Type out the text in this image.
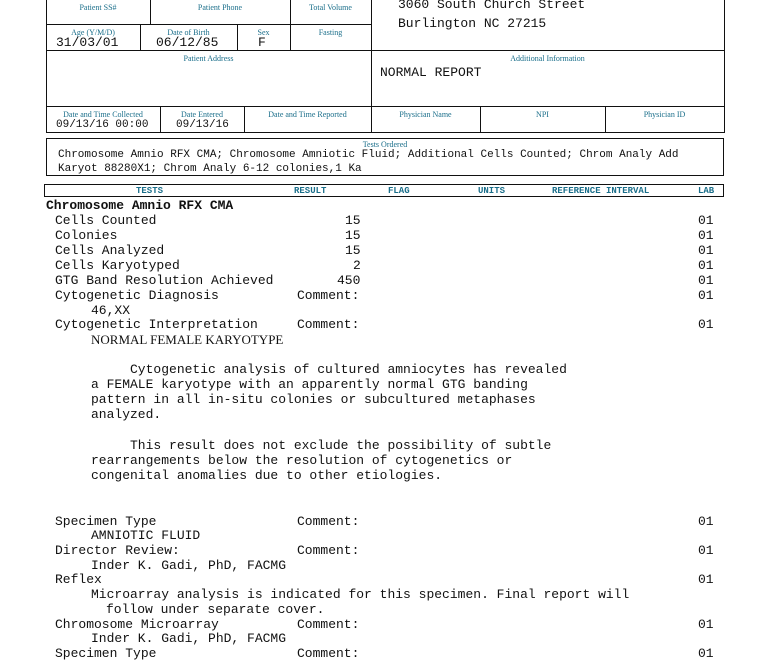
Patient SS#	Patient Phone	Total Volume	3060 South Church Street
Burlington NC 27215
Age (Y/M/D)
31/03/01
Date of Birth
06/12/85
Sex
F
Fasting
Patient Address	Additional Information
NORMAL REPORT
Date and Time Collected
09/13/16 00:00
Date Entered
09/13/16
Date and Time Reported	Physician Name	NPI	Physician ID
Tests Ordered
Chromosome Amnio RFX CMA; Chromosome Amniotic Fluid; Additional Cells Counted; Chrom Analy Add
Karyot 88280X1; Chrom Analy 6-12 colonies,1 Ka
TESTS	RESULT	FLAG	UNITS	REFERENCE INTERVAL	LAB
Chromosome Amnio RFX CMA
Cells Counted	15	01
Colonies	15	01
Cells Analyzed	15	01
Cells Karyotyped	2	01
GTG Band Resolution Achieved	450	01
Cytogenetic Diagnosis	Comment:	01
46,XX
Cytogenetic Interpretation	Comment:	01
NORMAL FEMALE KARYOTYPE
Cytogenetic analysis of cultured amniocytes has revealed
a FEMALE karyotype with an apparently normal GTG banding
pattern in all in-situ colonies or subcultured metaphases
analyzed.
This result does not exclude the possibility of subtle
rearrangements below the resolution of cytogenetics or
congenital anomalies due to other etiologies.
Specimen Type	Comment:	01
AMNIOTIC FLUID
Director Review:	Comment:	01
Inder K. Gadi, PhD, FACMG
Reflex	01
Microarray analysis is indicated for this specimen. Final report will
follow under separate cover.
Chromosome Microarray	Comment:	01
Inder K. Gadi, PhD, FACMG
Specimen Type	Comment:	01
